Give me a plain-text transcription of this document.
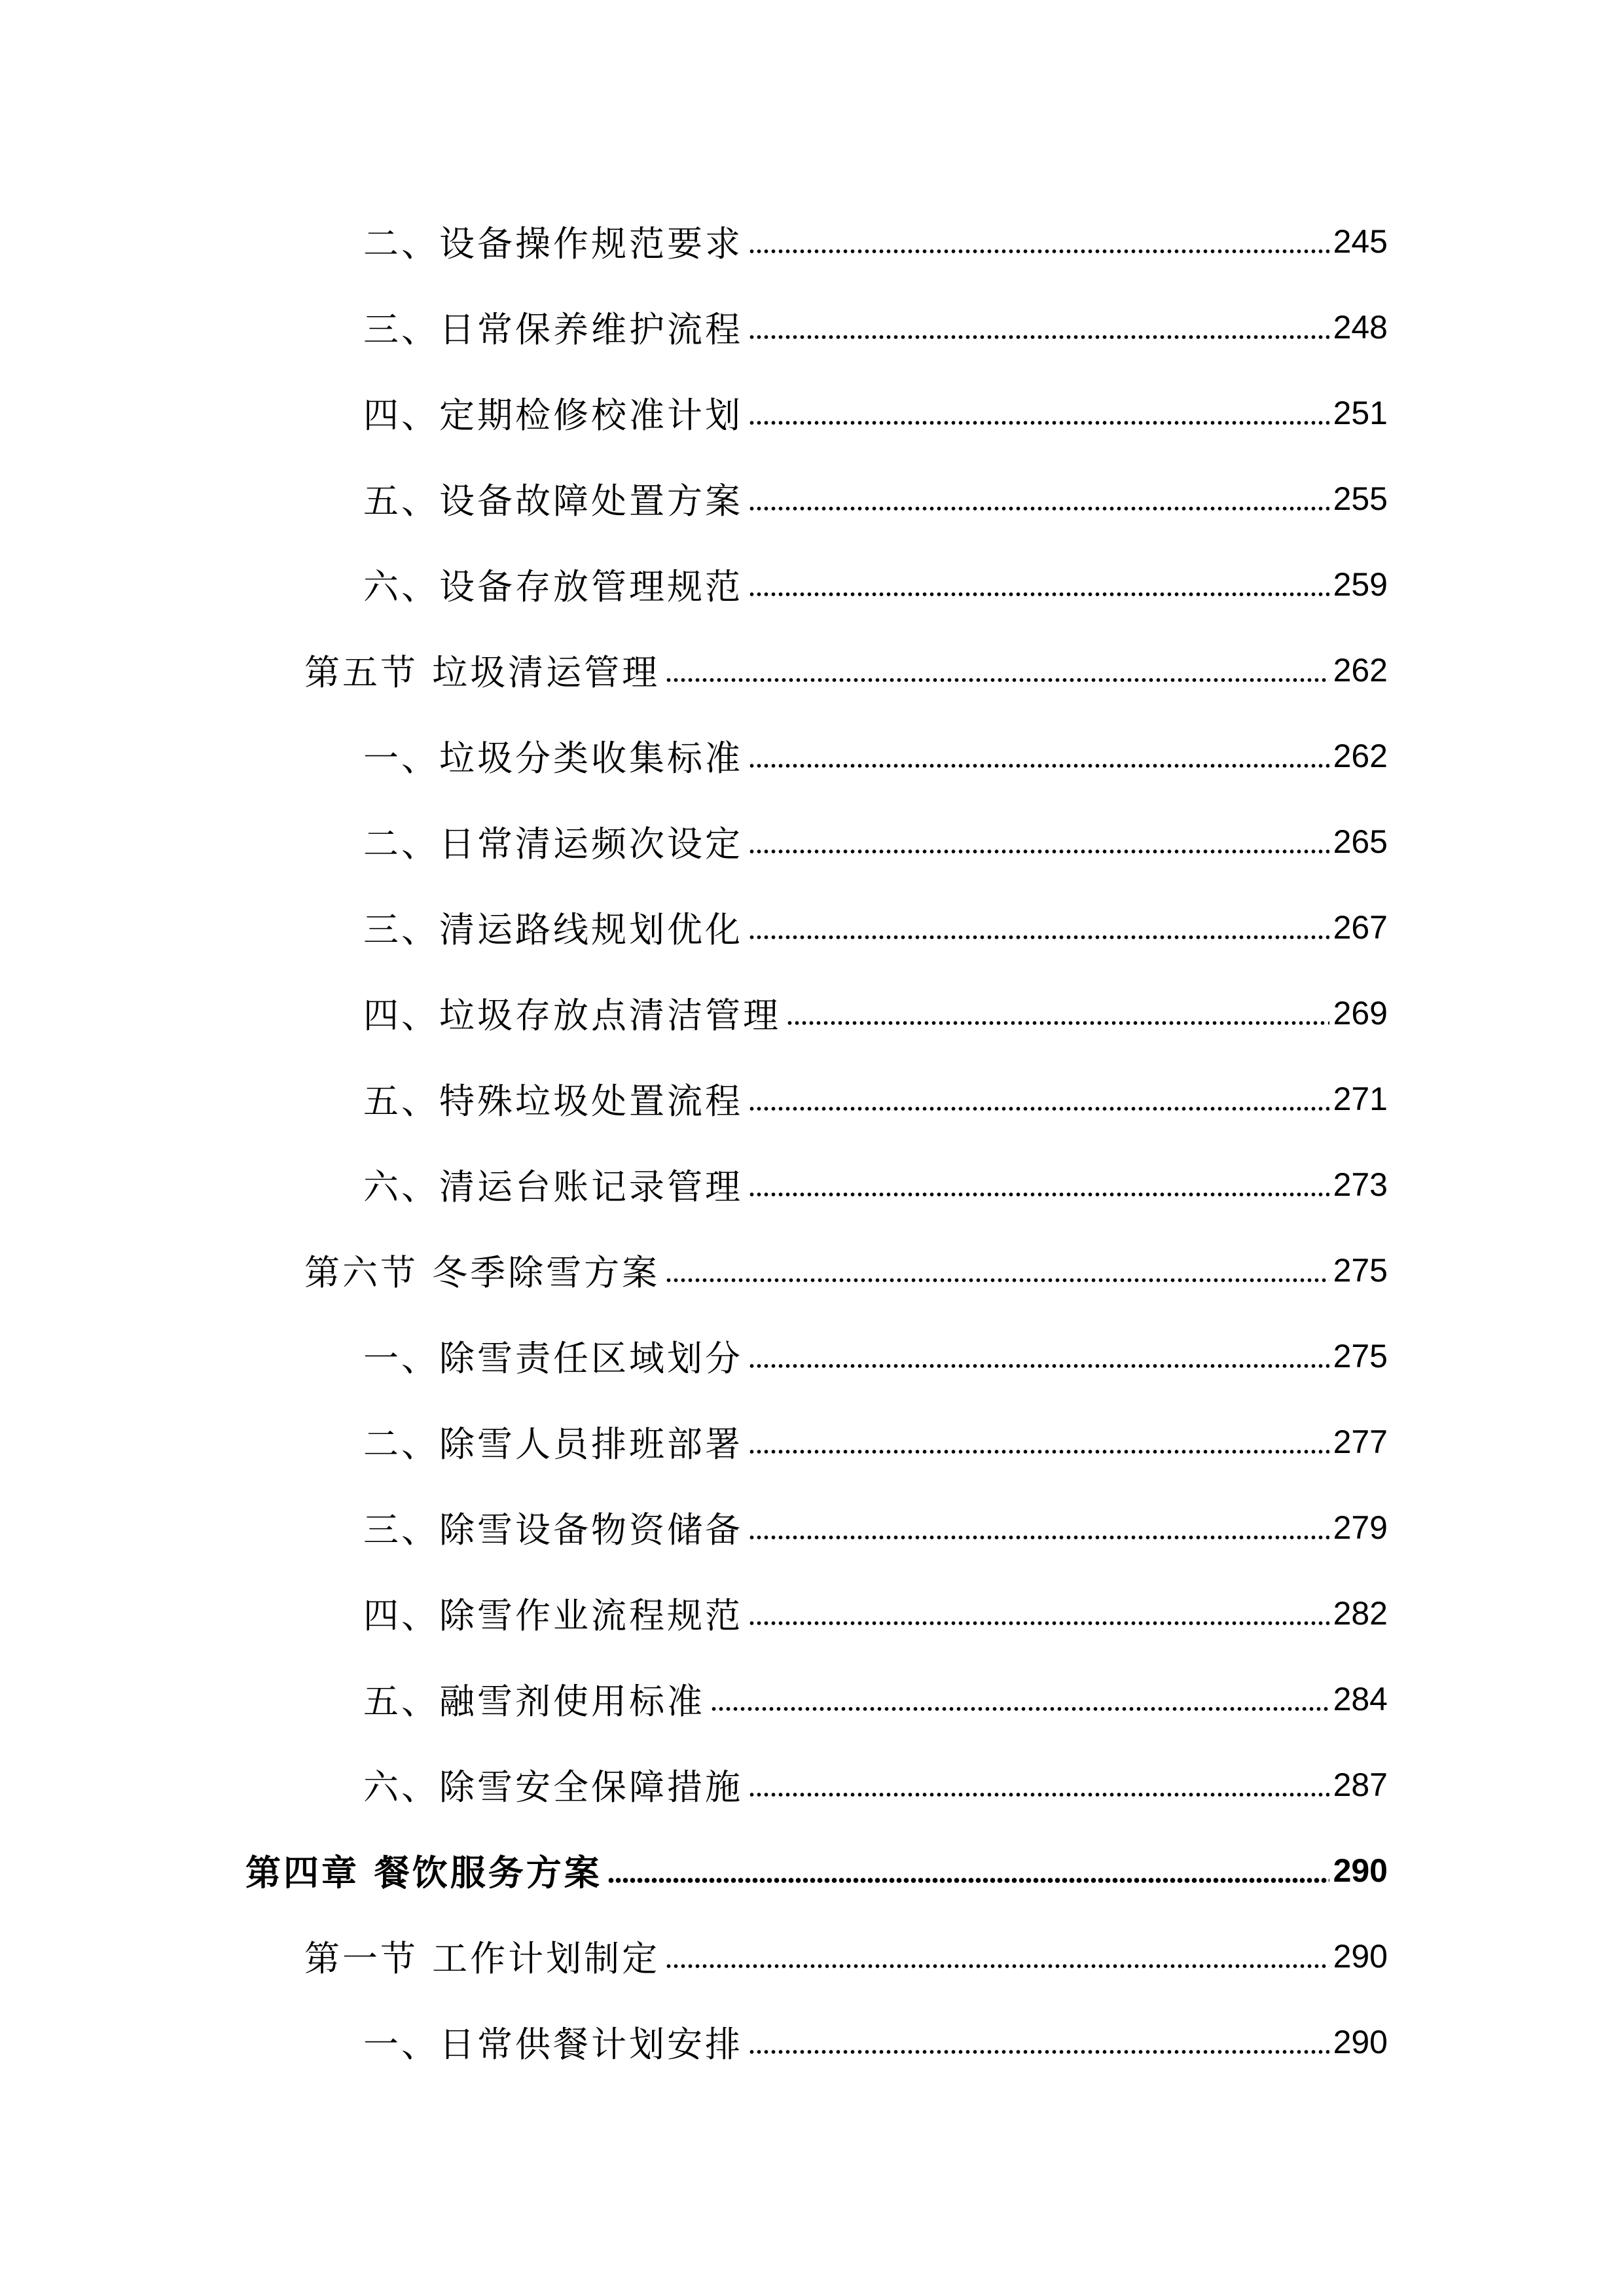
二、设备操作规范要求	245
三、日常保养维护流程	248
四、定期检修校准计划	251
五、设备故障处置方案	255
六、设备存放管理规范	259
第五节 垃圾清运管理	262
一、垃圾分类收集标准	262
二、日常清运频次设定	265
三、清运路线规划优化	267
四、垃圾存放点清洁管理	269
五、特殊垃圾处置流程	271
六、清运台账记录管理	273
第六节 冬季除雪方案	275
一、除雪责任区域划分	275
二、除雪人员排班部署	277
三、除雪设备物资储备	279
四、除雪作业流程规范	282
五、融雪剂使用标准	284
六、除雪安全保障措施	287
第四章 餐饮服务方案	290
第一节 工作计划制定	290
一、日常供餐计划安排	290
